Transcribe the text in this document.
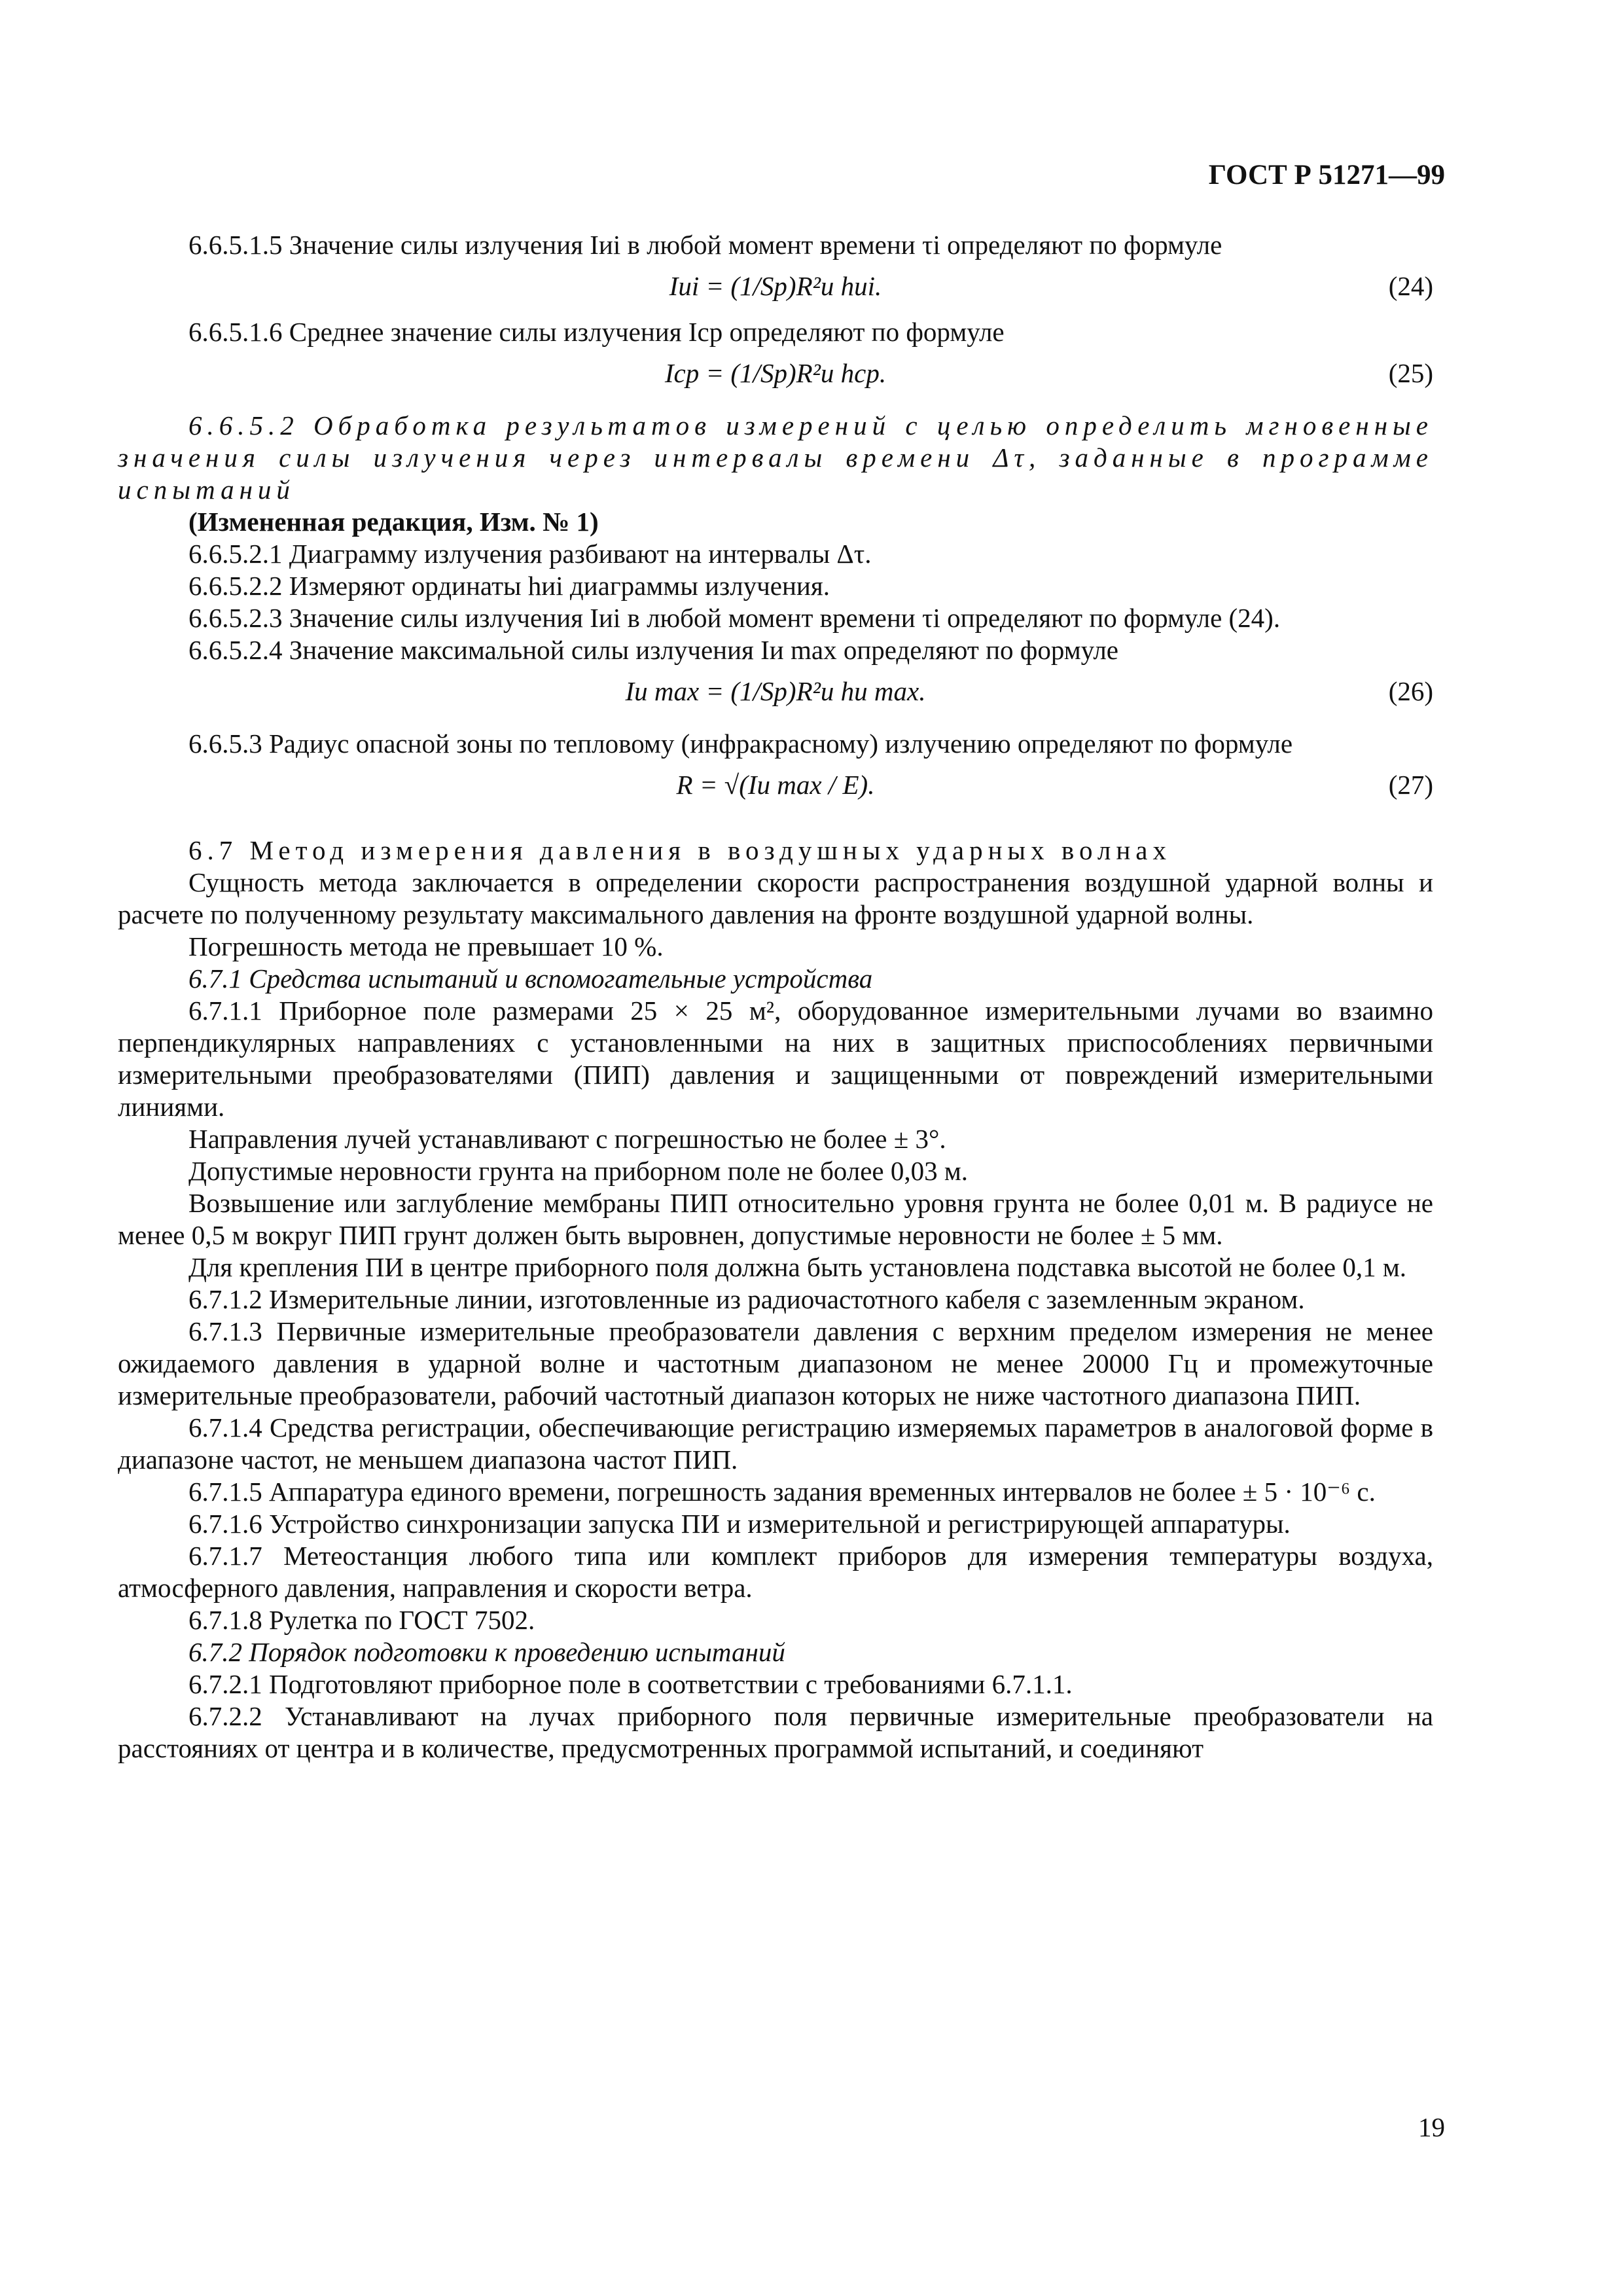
ГОСТ Р 51271—99

6.6.5.1.5 Значение силы излучения Iиi в любой момент времени τi определяют по формуле

Iиi = (1/Sp)R²и hиi.	(24)

6.6.5.1.6 Среднее значение силы излучения Iср определяют по формуле

Iср = (1/Sp)R²и hср.	(25)

6.6.5.2 Обработка результатов измерений с целью определить мгновенные значения силы излучения через интервалы времени Δτ, заданные в программе испытаний

(Измененная редакция, Изм. № 1)

6.6.5.2.1 Диаграмму излучения разбивают на интервалы Δτ.

6.6.5.2.2 Измеряют ординаты hиi диаграммы излучения.

6.6.5.2.3 Значение силы излучения Iиi в любой момент времени τi определяют по формуле (24).

6.6.5.2.4 Значение максимальной силы излучения Iи max определяют по формуле

Iи max = (1/Sp)R²и hи max.	(26)

6.6.5.3 Радиус опасной зоны по тепловому (инфракрасному) излучению определяют по формуле

R = √(Iи max / E).	(27)

6.7 Метод измерения давления в воздушных ударных волнах

Сущность метода заключается в определении скорости распространения воздушной ударной волны и расчете по полученному результату максимального давления на фронте воздушной ударной волны.

Погрешность метода не превышает 10 %.

6.7.1 Средства испытаний и вспомогательные устройства

6.7.1.1 Приборное поле размерами 25 × 25 м², оборудованное измерительными лучами во взаимно перпендикулярных направлениях с установленными на них в защитных приспособлениях первичными измерительными преобразователями (ПИП) давления и защищенными от повреждений измерительными линиями.

Направления лучей устанавливают с погрешностью не более ± 3°.

Допустимые неровности грунта на приборном поле не более 0,03 м.

Возвышение или заглубление мембраны ПИП относительно уровня грунта не более 0,01 м. В радиусе не менее 0,5 м вокруг ПИП грунт должен быть выровнен, допустимые неровности не более ± 5 мм.

Для крепления ПИ в центре приборного поля должна быть установлена подставка высотой не более 0,1 м.

6.7.1.2 Измерительные линии, изготовленные из радиочастотного кабеля с заземленным экраном.

6.7.1.3 Первичные измерительные преобразователи давления с верхним пределом измерения не менее ожидаемого давления в ударной волне и частотным диапазоном не менее 20000 Гц и промежуточные измерительные преобразователи, рабочий частотный диапазон которых не ниже частотного диапазона ПИП.

6.7.1.4 Средства регистрации, обеспечивающие регистрацию измеряемых параметров в аналоговой форме в диапазоне частот, не меньшем диапазона частот ПИП.

6.7.1.5 Аппаратура единого времени, погрешность задания временных интервалов не более ± 5 · 10⁻⁶ с.

6.7.1.6 Устройство синхронизации запуска ПИ и измерительной и регистрирующей аппаратуры.

6.7.1.7 Метеостанция любого типа или комплект приборов для измерения температуры воздуха, атмосферного давления, направления и скорости ветра.

6.7.1.8 Рулетка по ГОСТ 7502.

6.7.2 Порядок подготовки к проведению испытаний

6.7.2.1 Подготовляют приборное поле в соответствии с требованиями 6.7.1.1.

6.7.2.2 Устанавливают на лучах приборного поля первичные измерительные преобразователи на расстояниях от центра и в количестве, предусмотренных программой испытаний, и соединяют

19
